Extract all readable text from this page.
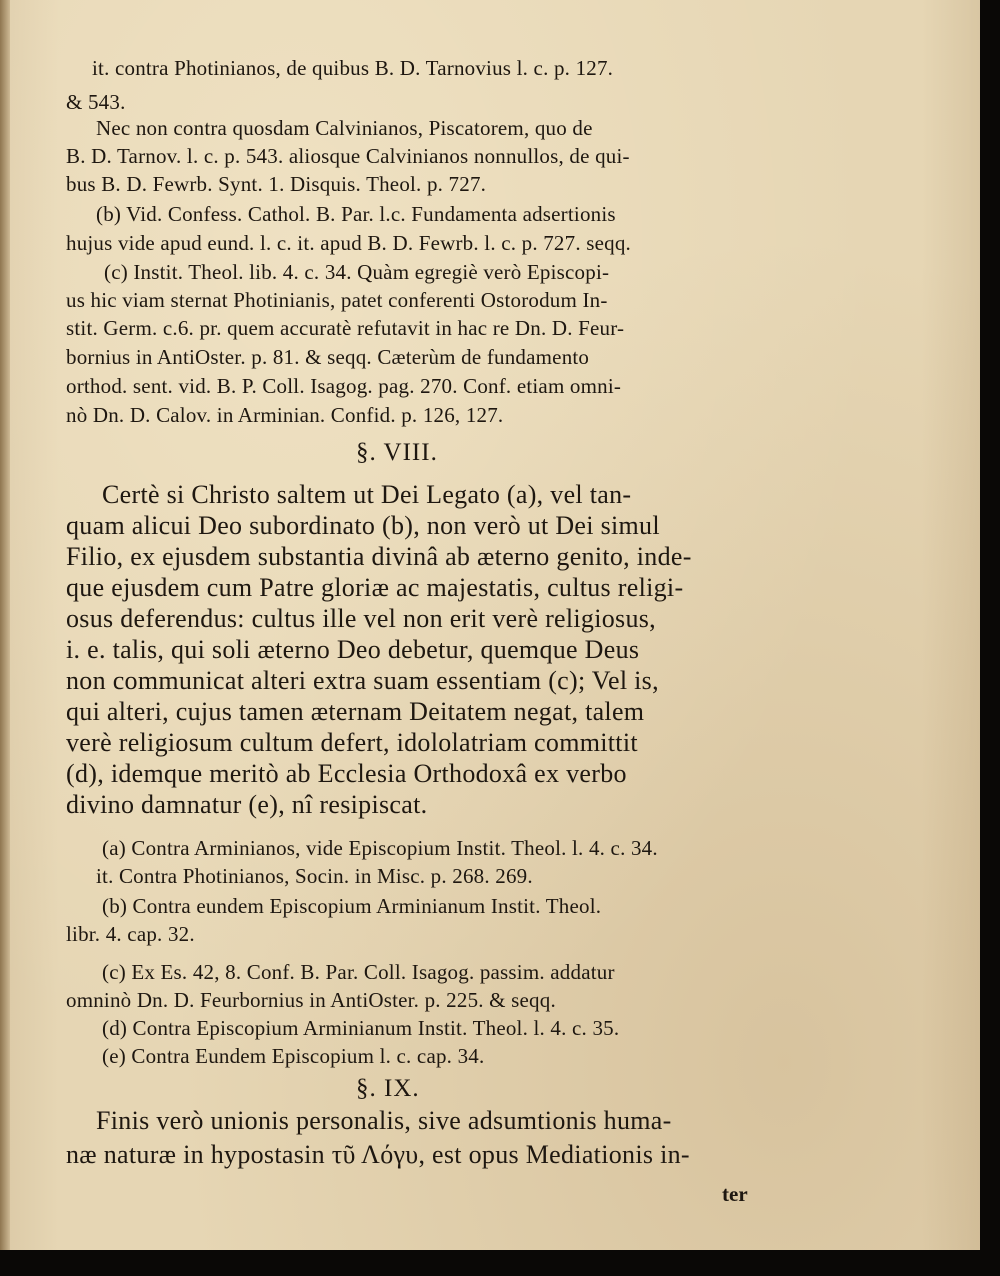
it. contra Photinianos, de quibus B. D. Tarnovius l. c. p. 127.
& 543.
Nec non contra quosdam Calvinianos, Piscatorem, quo de
B. D. Tarnov. l. c. p. 543. aliosque Calvinianos nonnullos, de qui-
bus B. D. Fewrb. Synt. 1. Disquis. Theol. p. 727.
(b) Vid. Confess. Cathol. B. Par. l.c. Fundamenta adsertionis
hujus vide apud eund. l. c. it. apud B. D. Fewrb. l. c. p. 727. seqq.
(c) Instit. Theol. lib. 4. c. 34. Quàm egregiè verò Episcopi-
us hic viam sternat Photinianis, patet conferenti Ostorodum In-
stit. Germ. c.6. pr. quem accuratè refutavit in hac re Dn. D. Feur-
bornius in AntiOster. p. 81. & seqq. Cæterùm de fundamento
orthod. sent. vid. B. P. Coll. Isagog. pag. 270. Conf. etiam omni-
nò Dn. D. Calov. in Arminian. Confid. p. 126, 127.
§. VIII.
Certè si Christo saltem ut Dei Legato (a), vel tan-
quam alicui Deo subordinato (b), non verò ut Dei simul
Filio, ex ejusdem substantia divinâ ab æterno genito, inde-
que ejusdem cum Patre gloriæ ac majestatis, cultus religi-
osus deferendus: cultus ille vel non erit verè religiosus,
i. e. talis, qui soli æterno Deo debetur, quemque Deus
non communicat alteri extra suam essentiam (c); Vel is,
qui alteri, cujus tamen æternam Deitatem negat, talem
verè religiosum cultum defert, idololatriam committit
(d), idemque meritò ab Ecclesia Orthodoxâ ex verbo
divino damnatur (e), nî resipiscat.
(a) Contra Arminianos, vide Episcopium Instit. Theol. l. 4. c. 34.
it. Contra Photinianos, Socin. in Misc. p. 268. 269.
(b) Contra eundem Episcopium Arminianum Instit. Theol.
libr. 4. cap. 32.
(c) Ex Es. 42, 8. Conf. B. Par. Coll. Isagog. passim. addatur
omninò Dn. D. Feurbornius in AntiOster. p. 225. & seqq.
(d) Contra Episcopium Arminianum Instit. Theol. l. 4. c. 35.
(e) Contra Eundem Episcopium l. c. cap. 34.
§. IX.
Finis verò unionis personalis, sive adsumtionis huma-
næ naturæ in hypostasin τῦ Λόγυ, est opus Mediationis in-
ter
